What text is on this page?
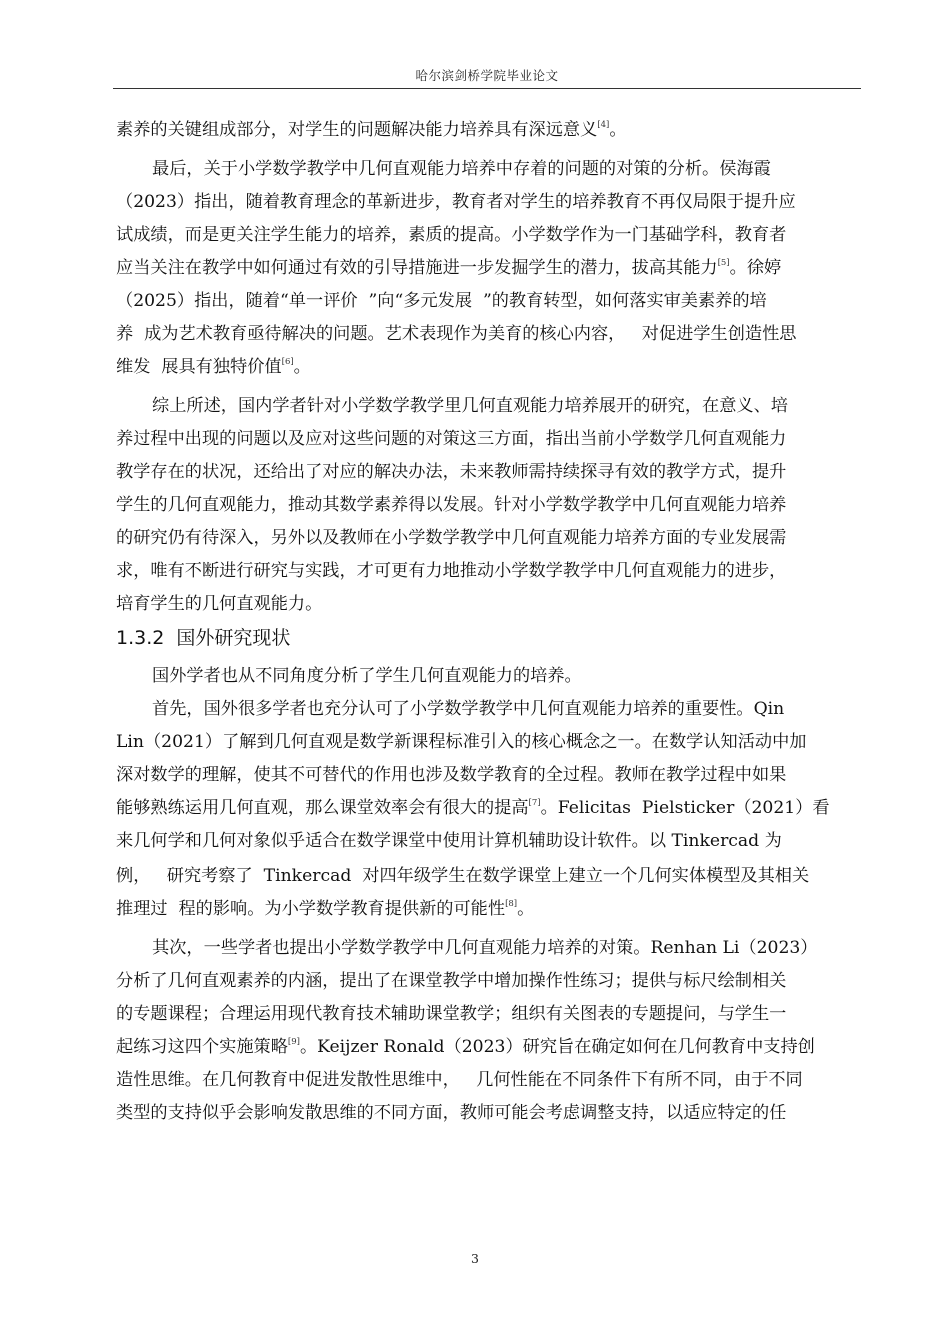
哈尔滨剑桥学院毕业论文
素养的关键组成部分，对学生的问题解决能力培养具有深远意义[4]。
最后，关于小学数学教学中几何直观能力培养中存着的问题的对策的分析。侯海霞
（2023）指出，随着教育理念的革新进步，教育者对学生的培养教育不再仅局限于提升应
试成绩，而是更关注学生能力的培养，素质的提高。小学数学作为一门基础学科，教育者
应当关注在教学中如何通过有效的引导措施进一步发掘学生的潜力，拔高其能力[5]。徐婷
（2025）指出，随着“单一评价  ”向“多元发展  ”的教育转型，如何落实审美素养的培
养  成为艺术教育亟待解决的问题。艺术表现作为美育的核心内容，   对促进学生创造性思
维发  展具有独特价值[6]。
综上所述，国内学者针对小学数学教学里几何直观能力培养展开的研究，在意义、培
养过程中出现的问题以及应对这些问题的对策这三方面，指出当前小学数学几何直观能力
教学存在的状况，还给出了对应的解决办法，未来教师需持续探寻有效的教学方式，提升
学生的几何直观能力，推动其数学素养得以发展。针对小学数学教学中几何直观能力培养
的研究仍有待深入，另外以及教师在小学数学教学中几何直观能力培养方面的专业发展需
求，唯有不断进行研究与实践，才可更有力地推动小学数学教学中几何直观能力的进步，
培育学生的几何直观能力。
国外学者也从不同角度分析了学生几何直观能力的培养。
首先，国外很多学者也充分认可了小学数学教学中几何直观能力培养的重要性。Qin
Lin（2021）了解到几何直观是数学新课程标准引入的核心概念之一。在数学认知活动中加
深对数学的理解，使其不可替代的作用也涉及数学教育的全过程。教师在教学过程中如果
能够熟练运用几何直观，那么课堂效率会有很大的提高[7]。Felicitas  Pielsticker（2021）看
来几何学和几何对象似乎适合在数学课堂中使用计算机辅助设计软件。以 Tinkercad 为
例，   研究考察了  Tinkercad  对四年级学生在数学课堂上建立一个几何实体模型及其相关
推理过  程的影响。为小学数学教育提供新的可能性[8]。
其次，一些学者也提出小学数学教学中几何直观能力培养的对策。Renhan Li（2023）
分析了几何直观素养的内涵，提出了在课堂教学中增加操作性练习；提供与标尺绘制相关
的专题课程；合理运用现代教育技术辅助课堂教学；组织有关图表的专题提问，与学生一
起练习这四个实施策略[9]。Keijzer Ronald（2023）研究旨在确定如何在几何教育中支持创
造性思维。在几何教育中促进发散性思维中，   几何性能在不同条件下有所不同，由于不同
类型的支持似乎会影响发散思维的不同方面，教师可能会考虑调整支持，以适应特定的任
1.3.2 国外研究现状
3
